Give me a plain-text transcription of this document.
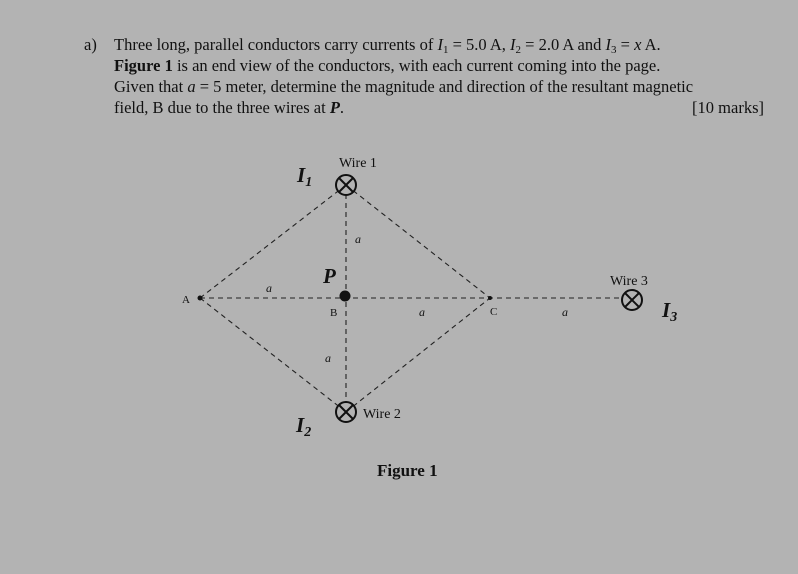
a) Three long, parallel conductors carry currents of $I_1 = 5.0$ A, $I_2 = 2.0$ A and $I_3 = x$ A.
Figure 1 is an end view of the conductors, with each current coming into the page.
Given that a = 5 meter, determine the magnitude and direction of the resultant magnetic
field, B due to the three wires at P.	[10 marks]
Wire 1
Wire 2
Wire 3
I1
I2
I3
P
A
B	C
a
a
a	a
a
Figure 1
